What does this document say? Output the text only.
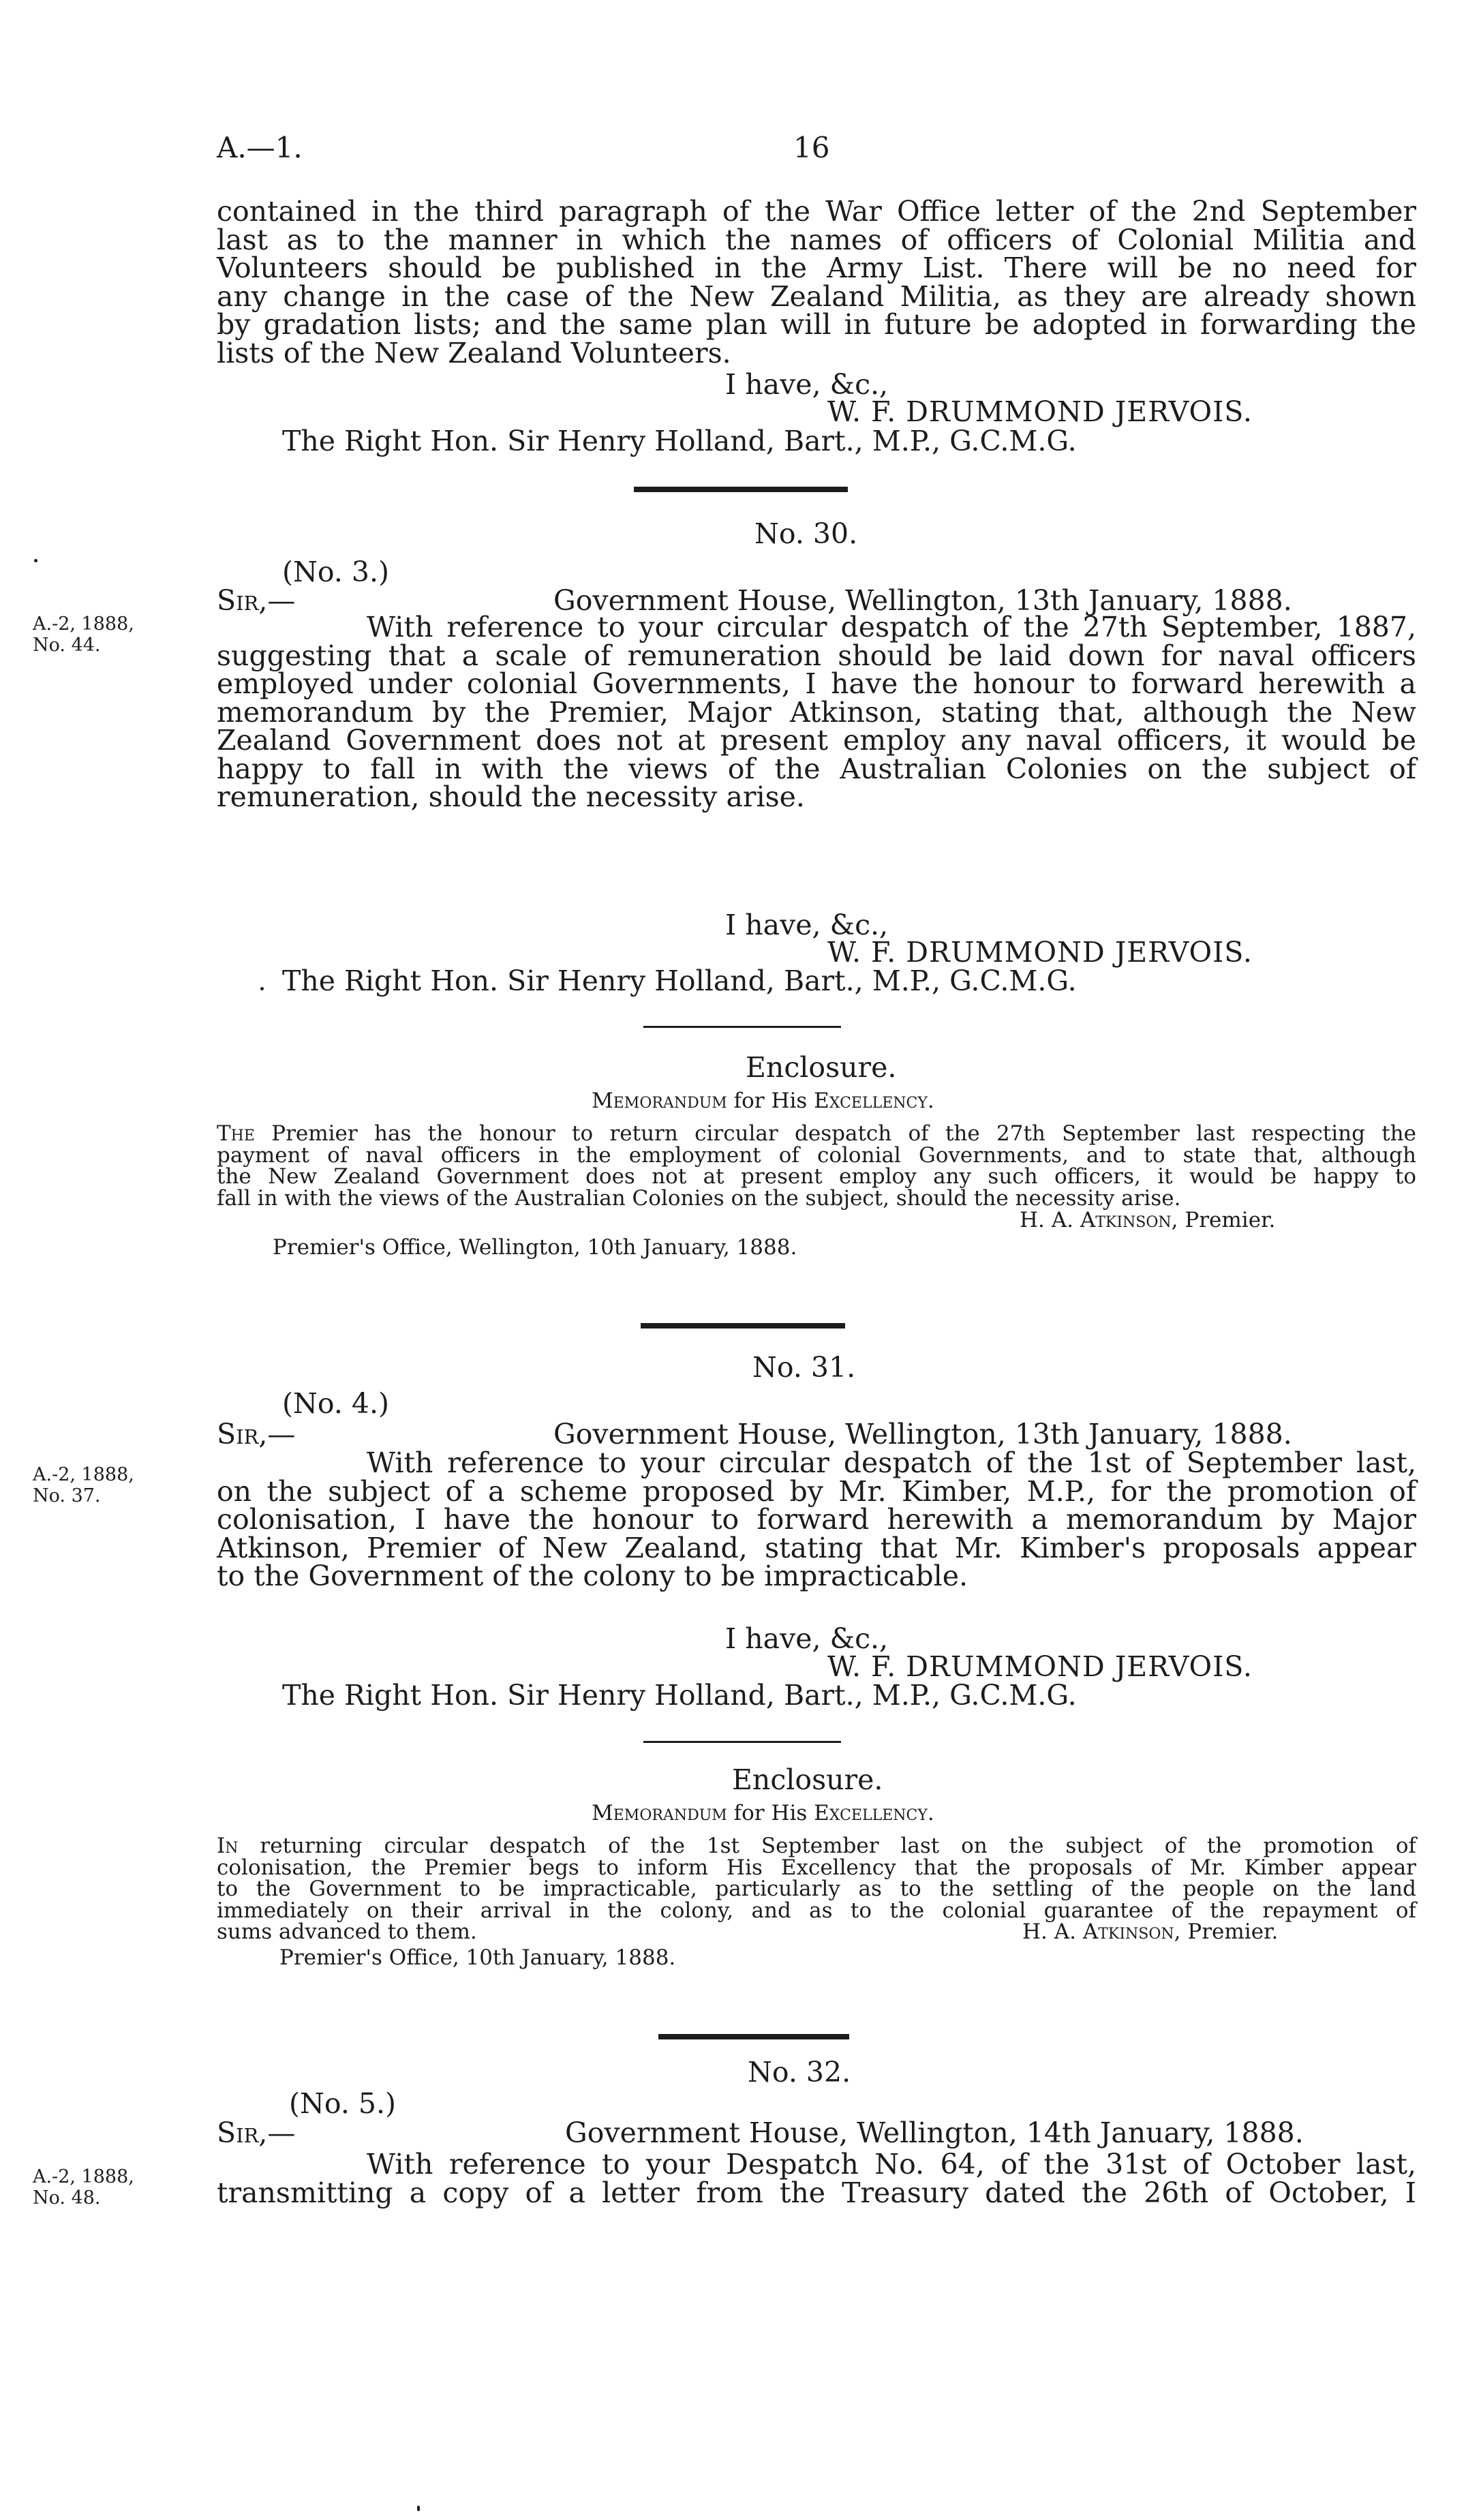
A.—1.	16
contained in the third paragraph of the War Office letter of the 2nd September
last as to the manner in which the names of officers of Colonial Militia and
Volunteers should be published in the Army List. There will be no need for
any change in the case of the New Zealand Militia, as they are already shown
by gradation lists; and the same plan will in future be adopted in forwarding the
lists of the New Zealand Volunteers.
I have, &c.,
W. F. DRUMMOND JERVOIS.
The Right Hon. Sir Henry Holland, Bart., M.P., G.C.M.G.
No. 30.
(No. 3.)
Sir,—	Government House, Wellington, 13th January, 1888.
A.-2, 1888,
No. 44.
With reference to your circular despatch of the 27th September, 1887,
suggesting that a scale of remuneration should be laid down for naval officers
employed under colonial Governments, I have the honour to forward herewith a
memorandum by the Premier, Major Atkinson, stating that, although the New
Zealand Government does not at present employ any naval officers, it would be
happy to fall in with the views of the Australian Colonies on the subject of
remuneration, should the necessity arise.
I have, &c.,
W. F. DRUMMOND JERVOIS.
The Right Hon. Sir Henry Holland, Bart., M.P., G.C.M.G.
Enclosure.
Memorandum for His Excellency.
The Premier has the honour to return circular despatch of the 27th September last respecting the
payment of naval officers in the employment of colonial Governments, and to state that, although
the New Zealand Government does not at present employ any such officers, it would be happy to
fall in with the views of the Australian Colonies on the subject, should the necessity arise.
H. A. Atkinson, Premier.
Premier's Office, Wellington, 10th January, 1888.
No. 31.
(No. 4.)
Sir,—	Government House, Wellington, 13th January, 1888.
A.-2, 1888,
No. 37.
With reference to your circular despatch of the 1st of September last,
on the subject of a scheme proposed by Mr. Kimber, M.P., for the promotion of
colonisation, I have the honour to forward herewith a memorandum by Major
Atkinson, Premier of New Zealand, stating that Mr. Kimber's proposals appear
to the Government of the colony to be impracticable.
I have, &c.,
W. F. DRUMMOND JERVOIS.
The Right Hon. Sir Henry Holland, Bart., M.P., G.C.M.G.
Enclosure.
Memorandum for His Excellency.
In returning circular despatch of the 1st September last on the subject of the promotion of
colonisation, the Premier begs to inform His Excellency that the proposals of Mr. Kimber appear
to the Government to be impracticable, particularly as to the settling of the people on the land
immediately on their arrival in the colony, and as to the colonial guarantee of the repayment of
sums advanced to them.	H. A. Atkinson, Premier.
Premier's Office, 10th January, 1888.
No. 32.
(No. 5.)
Sir,—	Government House, Wellington, 14th January, 1888.
A.-2, 1888,
No. 48.
With reference to your Despatch No. 64, of the 31st of October last,
transmitting a copy of a letter from the Treasury dated the 26th of October, I
